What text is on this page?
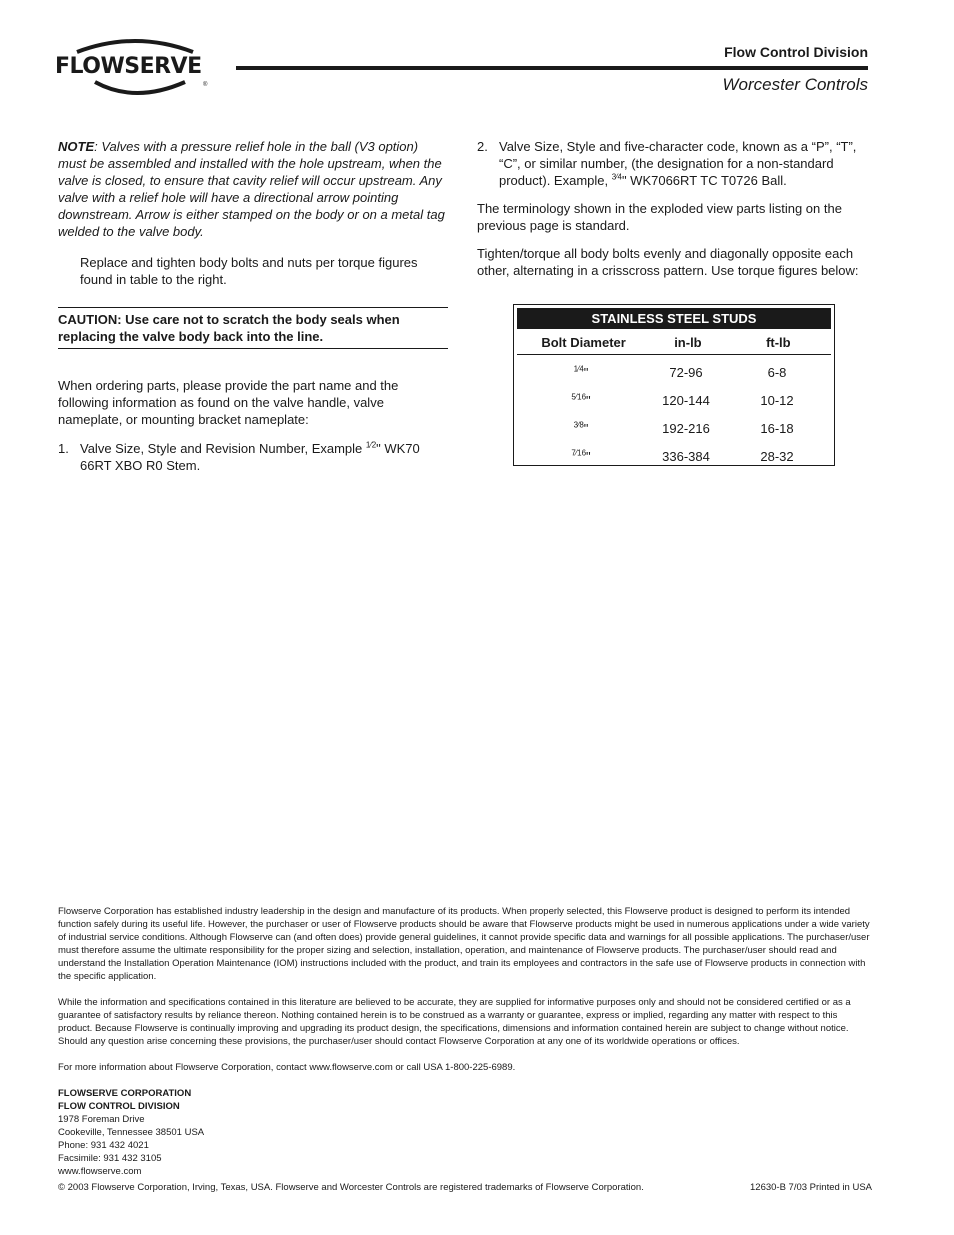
FLOWSERVE
®
Flow Control Division
Worcester Controls

NOTE: Valves with a pressure relief hole in the ball (V3 option) must be assembled and installed with the hole upstream, when the valve is closed, to ensure that cavity relief will occur upstream. Any valve with a relief hole will have a directional arrow pointing downstream. Arrow is either stamped on the body or on a metal tag welded to the valve body.

Replace and tighten body bolts and nuts per torque figures found in table to the right.

CAUTION: Use care not to scratch the body seals when replacing the valve body back into the line.

When ordering parts, please provide the part name and the following information as found on the valve handle, valve nameplate, or mounting bracket nameplate:

1. Valve Size, Style and Revision Number, Example $^{1⁄2}$" WK70 66RT XBO R0 Stem.
2. Valve Size, Style and five-character code, known as a “P”, “T”, “C”, or similar number, (the designation for a non-standard product). Example, $^{3⁄4}$" WK7066RT TC T0726 Ball.

The terminology shown in the exploded view parts listing on the previous page is standard.

Tighten/torque all body bolts evenly and diagonally opposite each other, alternating in a crisscross pattern. Use torque figures below:

STAINLESS STEEL STUDS
Bolt Diameter	in-lb	ft-lb
$^{1⁄4}$"	72-96	6-8
$^{5⁄16}$"	120-144	10-12
$^{3⁄8}$"	192-216	16-18
$^{7⁄16}$"	336-384	28-32

Flowserve Corporation has established industry leadership in the design and manufacture of its products. When properly selected, this Flowserve product is designed to perform its intended function safely during its useful life. However, the purchaser or user of Flowserve products should be aware that Flowserve products might be used in numerous applications under a wide variety of industrial service conditions. Although Flowserve can (and often does) provide general guidelines, it cannot provide specific data and warnings for all possible applications. The purchaser/user must therefore assume the ultimate responsibility for the proper sizing and selection, installation, operation, and maintenance of Flowserve products. The purchaser/user should read and understand the Installation Operation Maintenance (IOM) instructions included with the product, and train its employees and contractors in the safe use of Flowserve products in connection with the specific application.

While the information and specifications contained in this literature are believed to be accurate, they are supplied for informative purposes only and should not be considered certified or as a guarantee of satisfactory results by reliance thereon. Nothing contained herein is to be construed as a warranty or guarantee, express or implied, regarding any matter with respect to this product. Because Flowserve is continually improving and upgrading its product design, the specifications, dimensions and information contained herein are subject to change without notice. Should any question arise concerning these provisions, the purchaser/user should contact Flowserve Corporation at any one of its worldwide operations or offices.

For more information about Flowserve Corporation, contact www.flowserve.com or call USA 1-800-225-6989.

FLOWSERVE CORPORATION

FLOW CONTROL DIVISION

1978 Foreman Drive

Cookeville, Tennessee 38501 USA

Phone: 931 432 4021

Facsimile: 931 432 3105

www.flowserve.com

© 2003 Flowserve Corporation, Irving, Texas, USA. Flowserve and Worcester Controls are registered trademarks of Flowserve Corporation.	12630-B 7/03 Printed in USA
